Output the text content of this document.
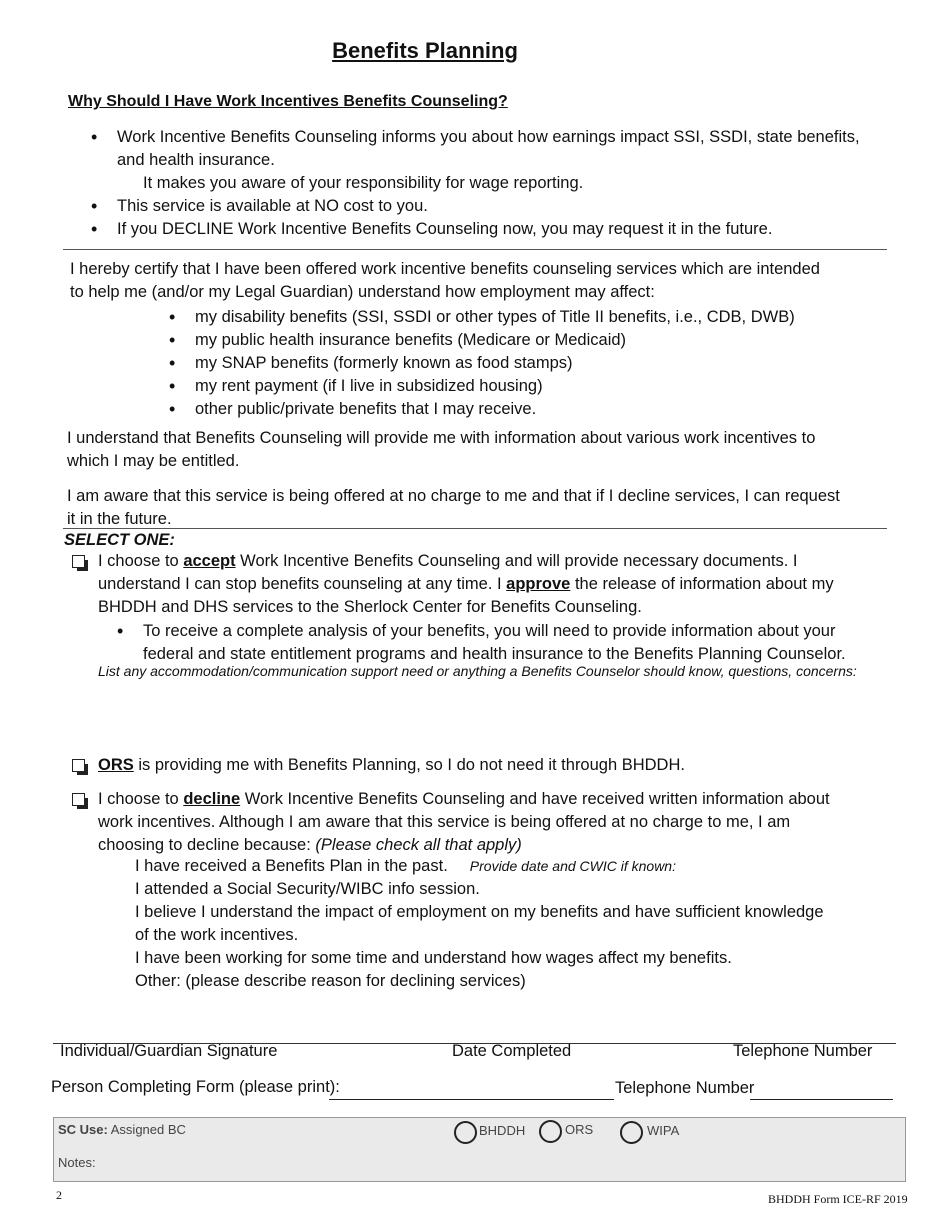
Benefits Planning
Why Should I Have Work Incentives Benefits Counseling?
• Work Incentive Benefits Counseling informs you about how earnings impact SSI, SSDI, state benefits,
and health insurance.
It makes you aware of your responsibility for wage reporting.
• This service is available at NO cost to you.
• If you DECLINE Work Incentive Benefits Counseling now, you may request it in the future.

I hereby certify that I have been offered work incentive benefits counseling services which are intended

to help me (and/or my Legal Guardian) understand how employment may affect:

• my disability benefits (SSI, SSDI or other types of Title II benefits, i.e., CDB, DWB)
• my public health insurance benefits (Medicare or Medicaid)
• my SNAP benefits (formerly known as food stamps)
• my rent payment (if I live in subsidized housing)
• other public/private benefits that I may receive.

I understand that Benefits Counseling will provide me with information about various work incentives to

which I may be entitled.

I am aware that this service is being offered at no charge to me and that if I decline services, I can request

it in the future.

SELECT ONE:

I choose to accept Work Incentive Benefits Counseling and will provide necessary documents. I

understand I can stop benefits counseling at any time. I approve the release of information about my

BHDDH and DHS services to the Sherlock Center for Benefits Counseling.

• To receive a complete analysis of your benefits, you will need to provide information about your
federal and state entitlement programs and health insurance to the Benefits Planning Counselor.
List any accommodation/communication support need or anything a Benefits Counselor should know, questions, concerns:

ORS is providing me with Benefits Planning, so I do not need it through BHDDH.

I choose to decline Work Incentive Benefits Counseling and have received written information about

work incentives. Although I am aware that this service is being offered at no charge to me, I am

choosing to decline because: (Please check all that apply)

I have received a Benefits Plan in the past. Provide date and CWIC if known:

I attended a Social Security/WIBC info session.

I believe I understand the impact of employment on my benefits and have sufficient knowledge

of the work incentives.

I have been working for some time and understand how wages affect my benefits.

Other: (please describe reason for declining services)

Individual/Guardian Signature	Date Completed	Telephone Number
Person Completing Form (please print):	Telephone Number
SC Use: Assigned BC	BHDDH	ORS	WIPA
Notes:
2	BHDDH Form ICE-RF 2019
